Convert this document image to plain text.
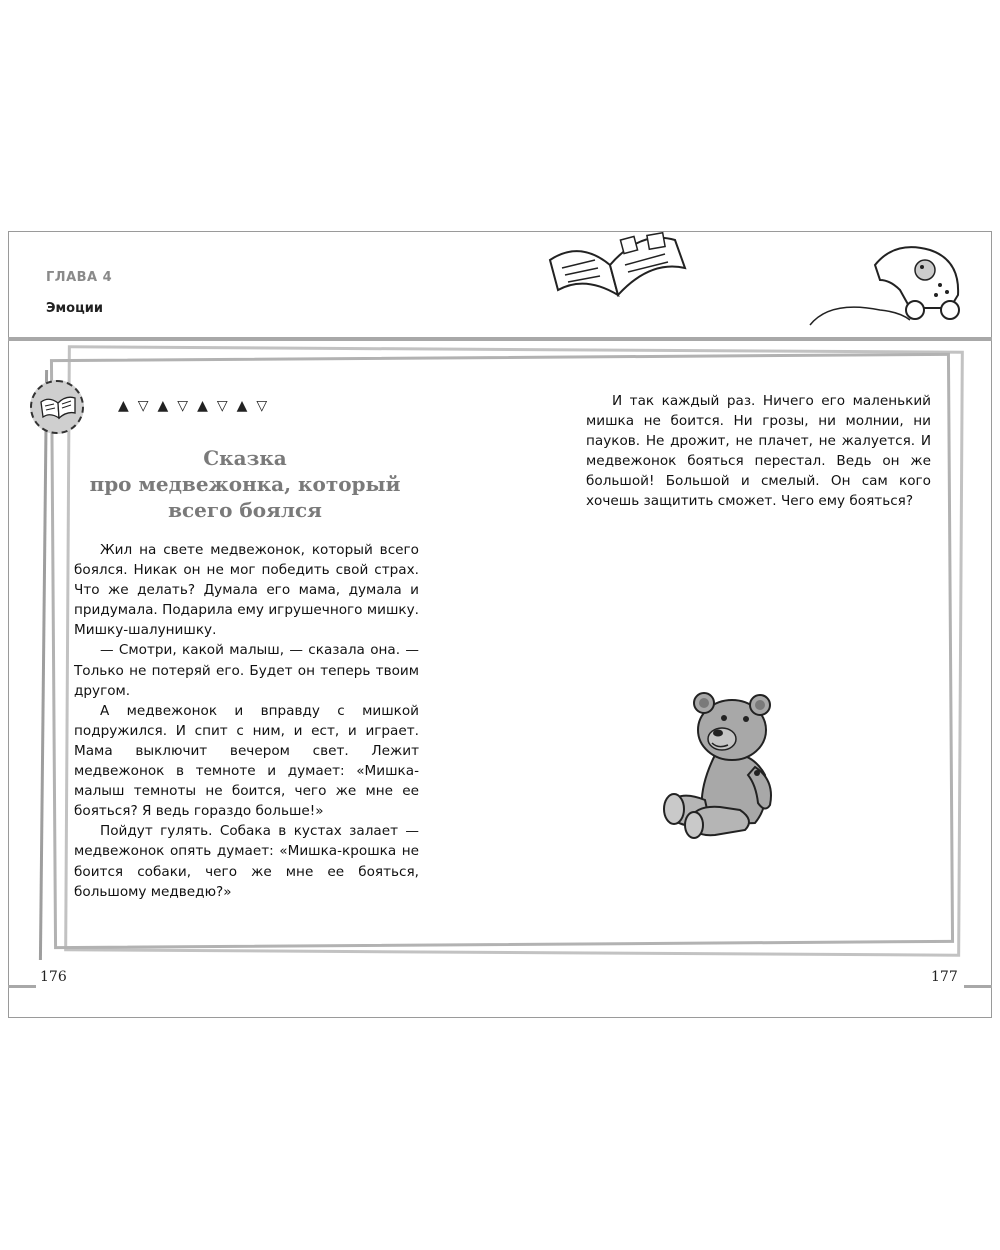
ГЛАВА 4
Эмоции
▲▽▲▽▲▽▲▽
Сказка
про медвежонка, который
всего боялся

Жил на свете медвежонок, который всего боялся. Никак он не мог победить свой страх. Что же делать? Думала его мама, думала и придумала. Подарила ему игрушечного мишку. Мишку-шалунишку.

— Смотри, какой малыш, — сказала она. — Только не потеряй его. Будет он теперь твоим другом.

А медвежонок и вправду с мишкой подружился. И спит с ним, и ест, и играет. Мама выключит вечером свет. Лежит медвежонок в темноте и думает: «Мишка-малыш темноты не боится, чего же мне ее бояться? Я ведь гораздо больше!»

Пойдут гулять. Собака в кустах залает — медвежонок опять думает: «Мишка-крошка не боится собаки, чего же мне ее бояться, большому медведю?»

И так каждый раз. Ничего его маленький мишка не боится. Ни грозы, ни молнии, ни пауков. Не дрожит, не плачет, не жалуется. И медвежонок бояться перестал. Ведь он же большой! Большой и смелый. Он сам кого хочешь защитить сможет. Чего ему бояться?

176	177
